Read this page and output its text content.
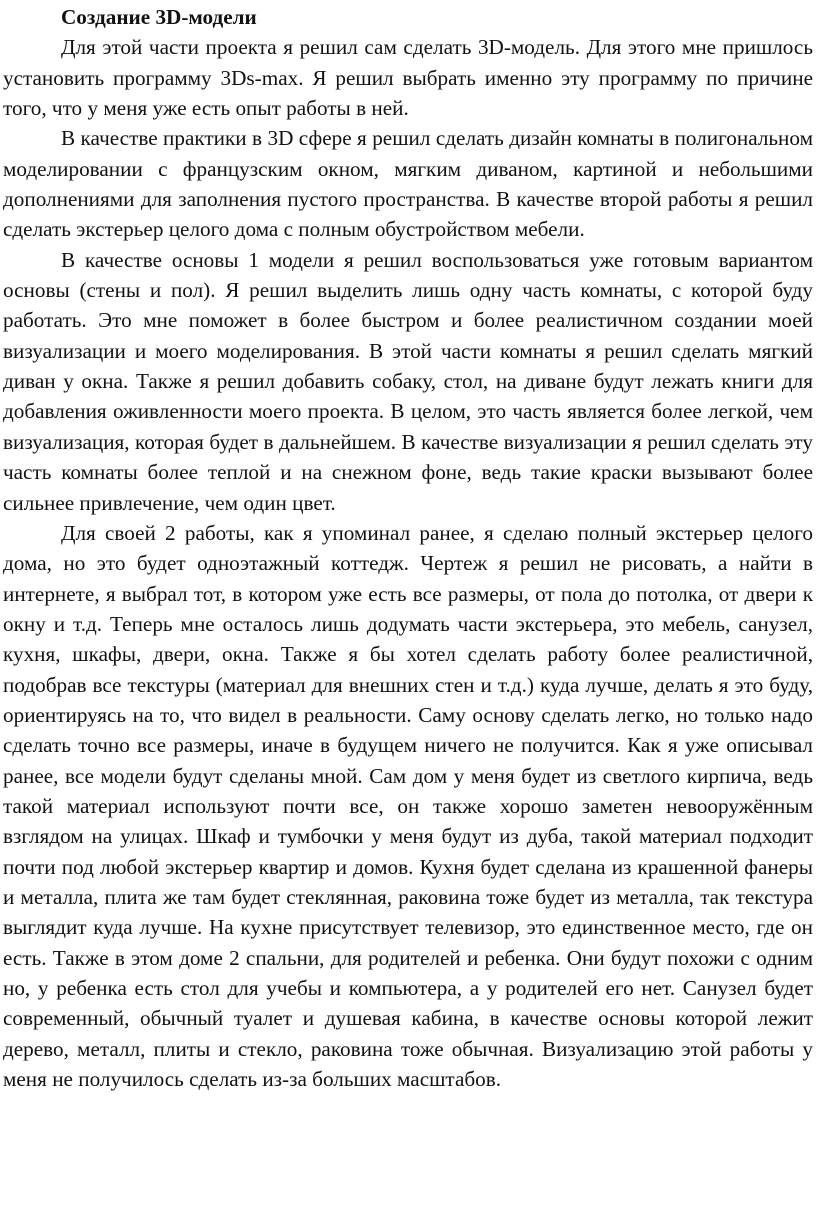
Создание 3D-модели

Для этой части проекта я решил сам сделать 3D-модель. Для этого мне пришлось установить программу 3Ds-max. Я решил выбрать именно эту программу по причине того, что у меня уже есть опыт работы в ней.

В качестве практики в 3D сфере я решил сделать дизайн комнаты в полигональном моделировании с французским окном, мягким диваном, картиной и небольшими дополнениями для заполнения пустого пространства. В качестве второй работы я решил сделать экстерьер целого дома с полным обустройством мебели.

В качестве основы 1 модели я решил воспользоваться уже готовым вариантом основы (стены и пол). Я решил выделить лишь одну часть комнаты, с которой буду работать. Это мне поможет в более быстром и более реалистичном создании моей визуализации и моего моделирования. В этой части комнаты я решил сделать мягкий диван у окна. Также я решил добавить собаку, стол, на диване будут лежать книги для добавления оживленности моего проекта. В целом, это часть является более легкой, чем визуализация, которая будет в дальнейшем. В качестве визуализации я решил сделать эту часть комнаты более теплой и на снежном фоне, ведь такие краски вызывают более сильнее привлечение, чем один цвет.

Для своей 2 работы, как я упоминал ранее, я сделаю полный экстерьер целого дома, но это будет одноэтажный коттедж. Чертеж я решил не рисовать, а найти в интернете, я выбрал тот, в котором уже есть все размеры, от пола до потолка, от двери к окну и т.д. Теперь мне осталось лишь додумать части экстерьера, это мебель, санузел, кухня, шкафы, двери, окна. Также я бы хотел сделать работу более реалистичной, подобрав все текстуры (материал для внешних стен и т.д.) куда лучше, делать я это буду, ориентируясь на то, что видел в реальности. Саму основу сделать легко, но только надо сделать точно все размеры, иначе в будущем ничего не получится. Как я уже описывал ранее, все модели будут сделаны мной. Сам дом у меня будет из светлого кирпича, ведь такой материал используют почти все, он также хорошо заметен невооружённым взглядом на улицах. Шкаф и тумбочки у меня будут из дуба, такой материал подходит почти под любой экстерьер квартир и домов. Кухня будет сделана из крашенной фанеры и металла, плита же там будет стеклянная, раковина тоже будет из металла, так текстура выглядит куда лучше. На кухне присутствует телевизор, это единственное место, где он есть. Также в этом доме 2 спальни, для родителей и ребенка. Они будут похожи с одним но, у ребенка есть стол для учебы и компьютера, а у родителей его нет. Санузел будет современный, обычный туалет и душевая кабина, в качестве основы которой лежит дерево, металл, плиты и стекло, раковина тоже обычная. Визуализацию этой работы у меня не получилось сделать из-за больших масштабов.
